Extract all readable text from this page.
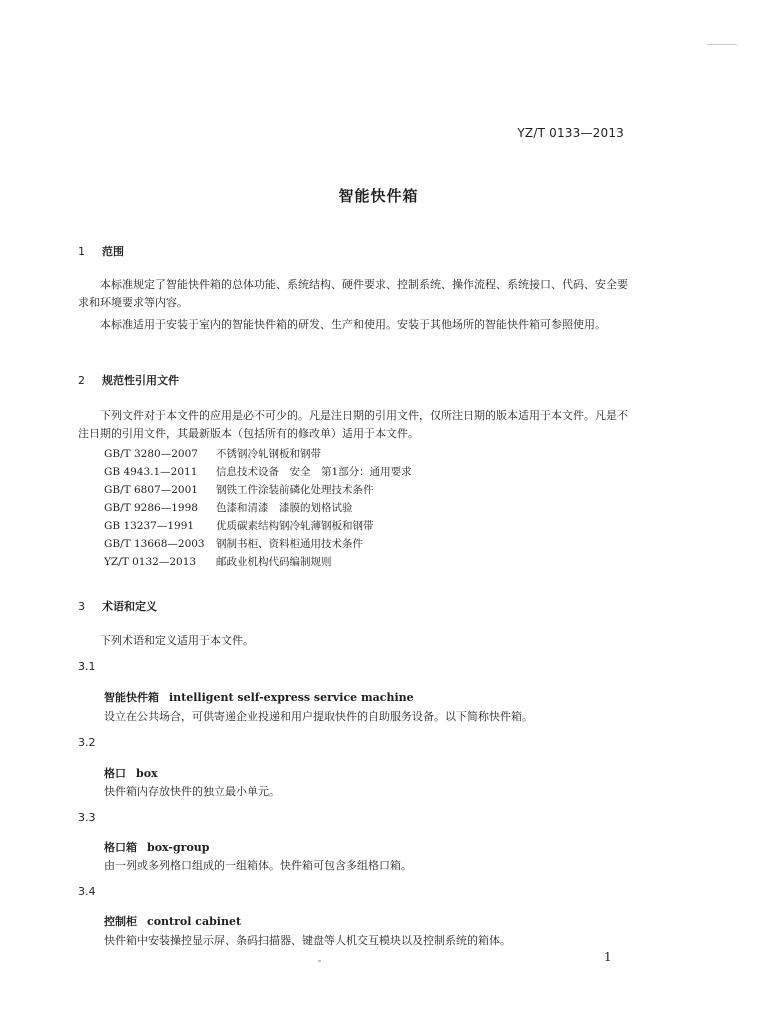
YZ/T 0133—2013
智能快件箱
1 范围
本标准规定了智能快件箱的总体功能、系统结构、硬件要求、控制系统、操作流程、系统接口、代码、安全要求和环境要求等内容。
本标准适用于安装于室内的智能快件箱的研发、生产和使用。安装于其他场所的智能快件箱可参照使用。
2 规范性引用文件
下列文件对于本文件的应用是必不可少的。凡是注日期的引用文件，仅所注日期的版本适用于本文件。凡是不注日期的引用文件，其最新版本（包括所有的修改单）适用于本文件。
GB/T 3280—2007	不锈钢冷轧钢板和钢带
GB 4943.1—2011	信息技术设备　安全　第1部分：通用要求
GB/T 6807—2001	钢铁工件涂装前磷化处理技术条件
GB/T 9286—1998	色漆和清漆　漆膜的划格试验
GB 13237—1991	优质碳素结构钢冷轧薄钢板和钢带
GB/T 13668—2003	钢制书柜、资料柜通用技术条件
YZ/T 0132—2013	邮政业机构代码编制规则
3 术语和定义
下列术语和定义适用于本文件。
3.1
智能快件箱 intelligent self-express service machine
设立在公共场合，可供寄递企业投递和用户提取快件的自助服务设备。以下简称快件箱。
3.2
格口 box
快件箱内存放快件的独立最小单元。
3.3
格口箱 box-group
由一列或多列格口组成的一组箱体。快件箱可包含多组格口箱。
3.4
控制柜 control cabinet
快件箱中安装操控显示屏、条码扫描器、键盘等人机交互模块以及控制系统的箱体。
1
